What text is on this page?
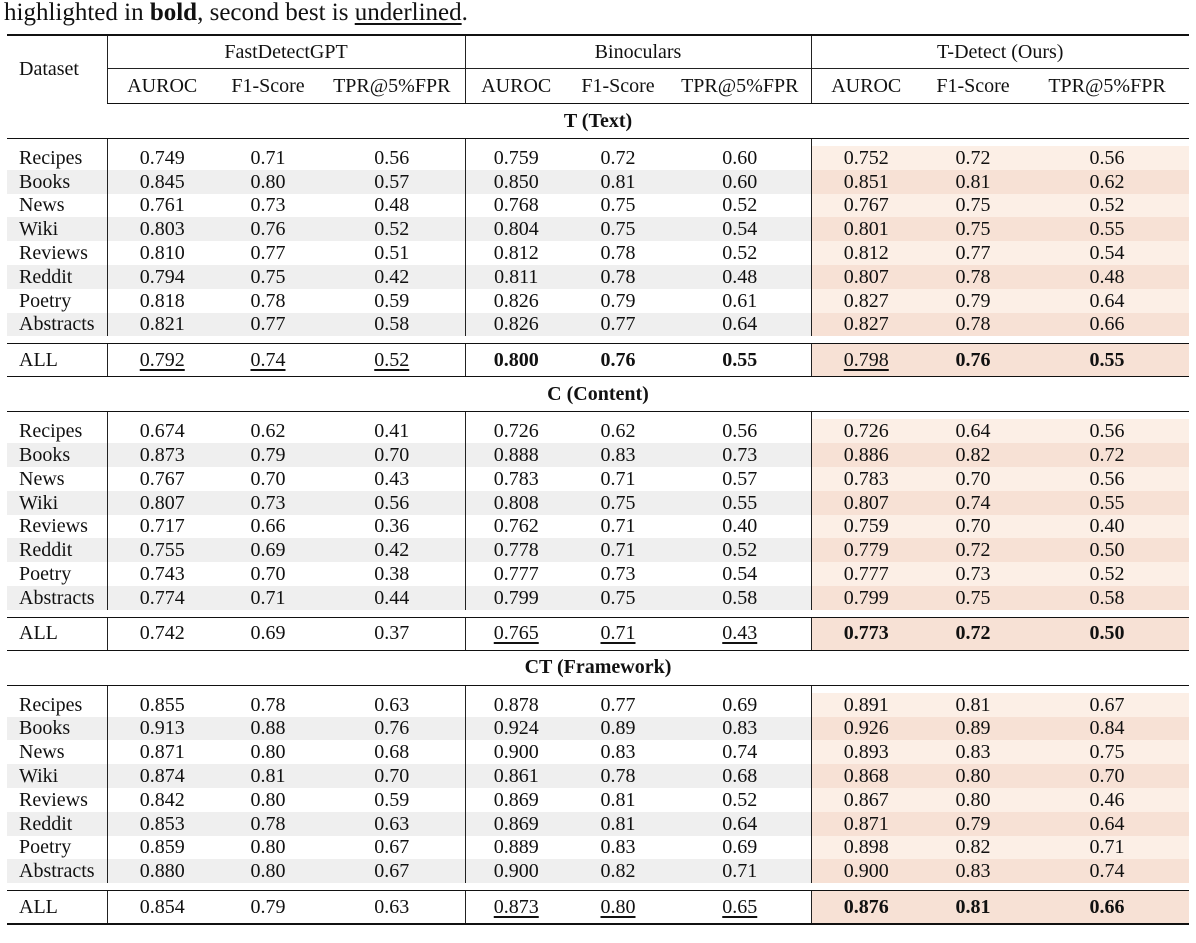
highlighted in bold, second best is underlined.
Dataset	FastDetectGPT			Binoculars			T-Detect (Ours)		
	AUROC	F1-Score	TPR@5%FPR	AUROC	F1-Score	TPR@5%FPR	AUROC	F1-Score	TPR@5%FPR
T (Text)									

Recipes	0.749	0.71	0.56	0.759	0.72	0.60	0.752	0.72	0.56
Books	0.845	0.80	0.57	0.850	0.81	0.60	0.851	0.81	0.62
News	0.761	0.73	0.48	0.768	0.75	0.52	0.767	0.75	0.52
Wiki	0.803	0.76	0.52	0.804	0.75	0.54	0.801	0.75	0.55
Reviews	0.810	0.77	0.51	0.812	0.78	0.52	0.812	0.77	0.54
Reddit	0.794	0.75	0.42	0.811	0.78	0.48	0.807	0.78	0.48
Poetry	0.818	0.78	0.59	0.826	0.79	0.61	0.827	0.79	0.64
Abstracts	0.821	0.77	0.58	0.826	0.77	0.64	0.827	0.78	0.66

ALL	0.792	0.74	0.52	0.800	0.76	0.55	0.798	0.76	0.55
C (Content)									

Recipes	0.674	0.62	0.41	0.726	0.62	0.56	0.726	0.64	0.56
Books	0.873	0.79	0.70	0.888	0.83	0.73	0.886	0.82	0.72
News	0.767	0.70	0.43	0.783	0.71	0.57	0.783	0.70	0.56
Wiki	0.807	0.73	0.56	0.808	0.75	0.55	0.807	0.74	0.55
Reviews	0.717	0.66	0.36	0.762	0.71	0.40	0.759	0.70	0.40
Reddit	0.755	0.69	0.42	0.778	0.71	0.52	0.779	0.72	0.50
Poetry	0.743	0.70	0.38	0.777	0.73	0.54	0.777	0.73	0.52
Abstracts	0.774	0.71	0.44	0.799	0.75	0.58	0.799	0.75	0.58

ALL	0.742	0.69	0.37	0.765	0.71	0.43	0.773	0.72	0.50
CT (Framework)									

Recipes	0.855	0.78	0.63	0.878	0.77	0.69	0.891	0.81	0.67
Books	0.913	0.88	0.76	0.924	0.89	0.83	0.926	0.89	0.84
News	0.871	0.80	0.68	0.900	0.83	0.74	0.893	0.83	0.75
Wiki	0.874	0.81	0.70	0.861	0.78	0.68	0.868	0.80	0.70
Reviews	0.842	0.80	0.59	0.869	0.81	0.52	0.867	0.80	0.46
Reddit	0.853	0.78	0.63	0.869	0.81	0.64	0.871	0.79	0.64
Poetry	0.859	0.80	0.67	0.889	0.83	0.69	0.898	0.82	0.71
Abstracts	0.880	0.80	0.67	0.900	0.82	0.71	0.900	0.83	0.74

ALL	0.854	0.79	0.63	0.873	0.80	0.65	0.876	0.81	0.66
